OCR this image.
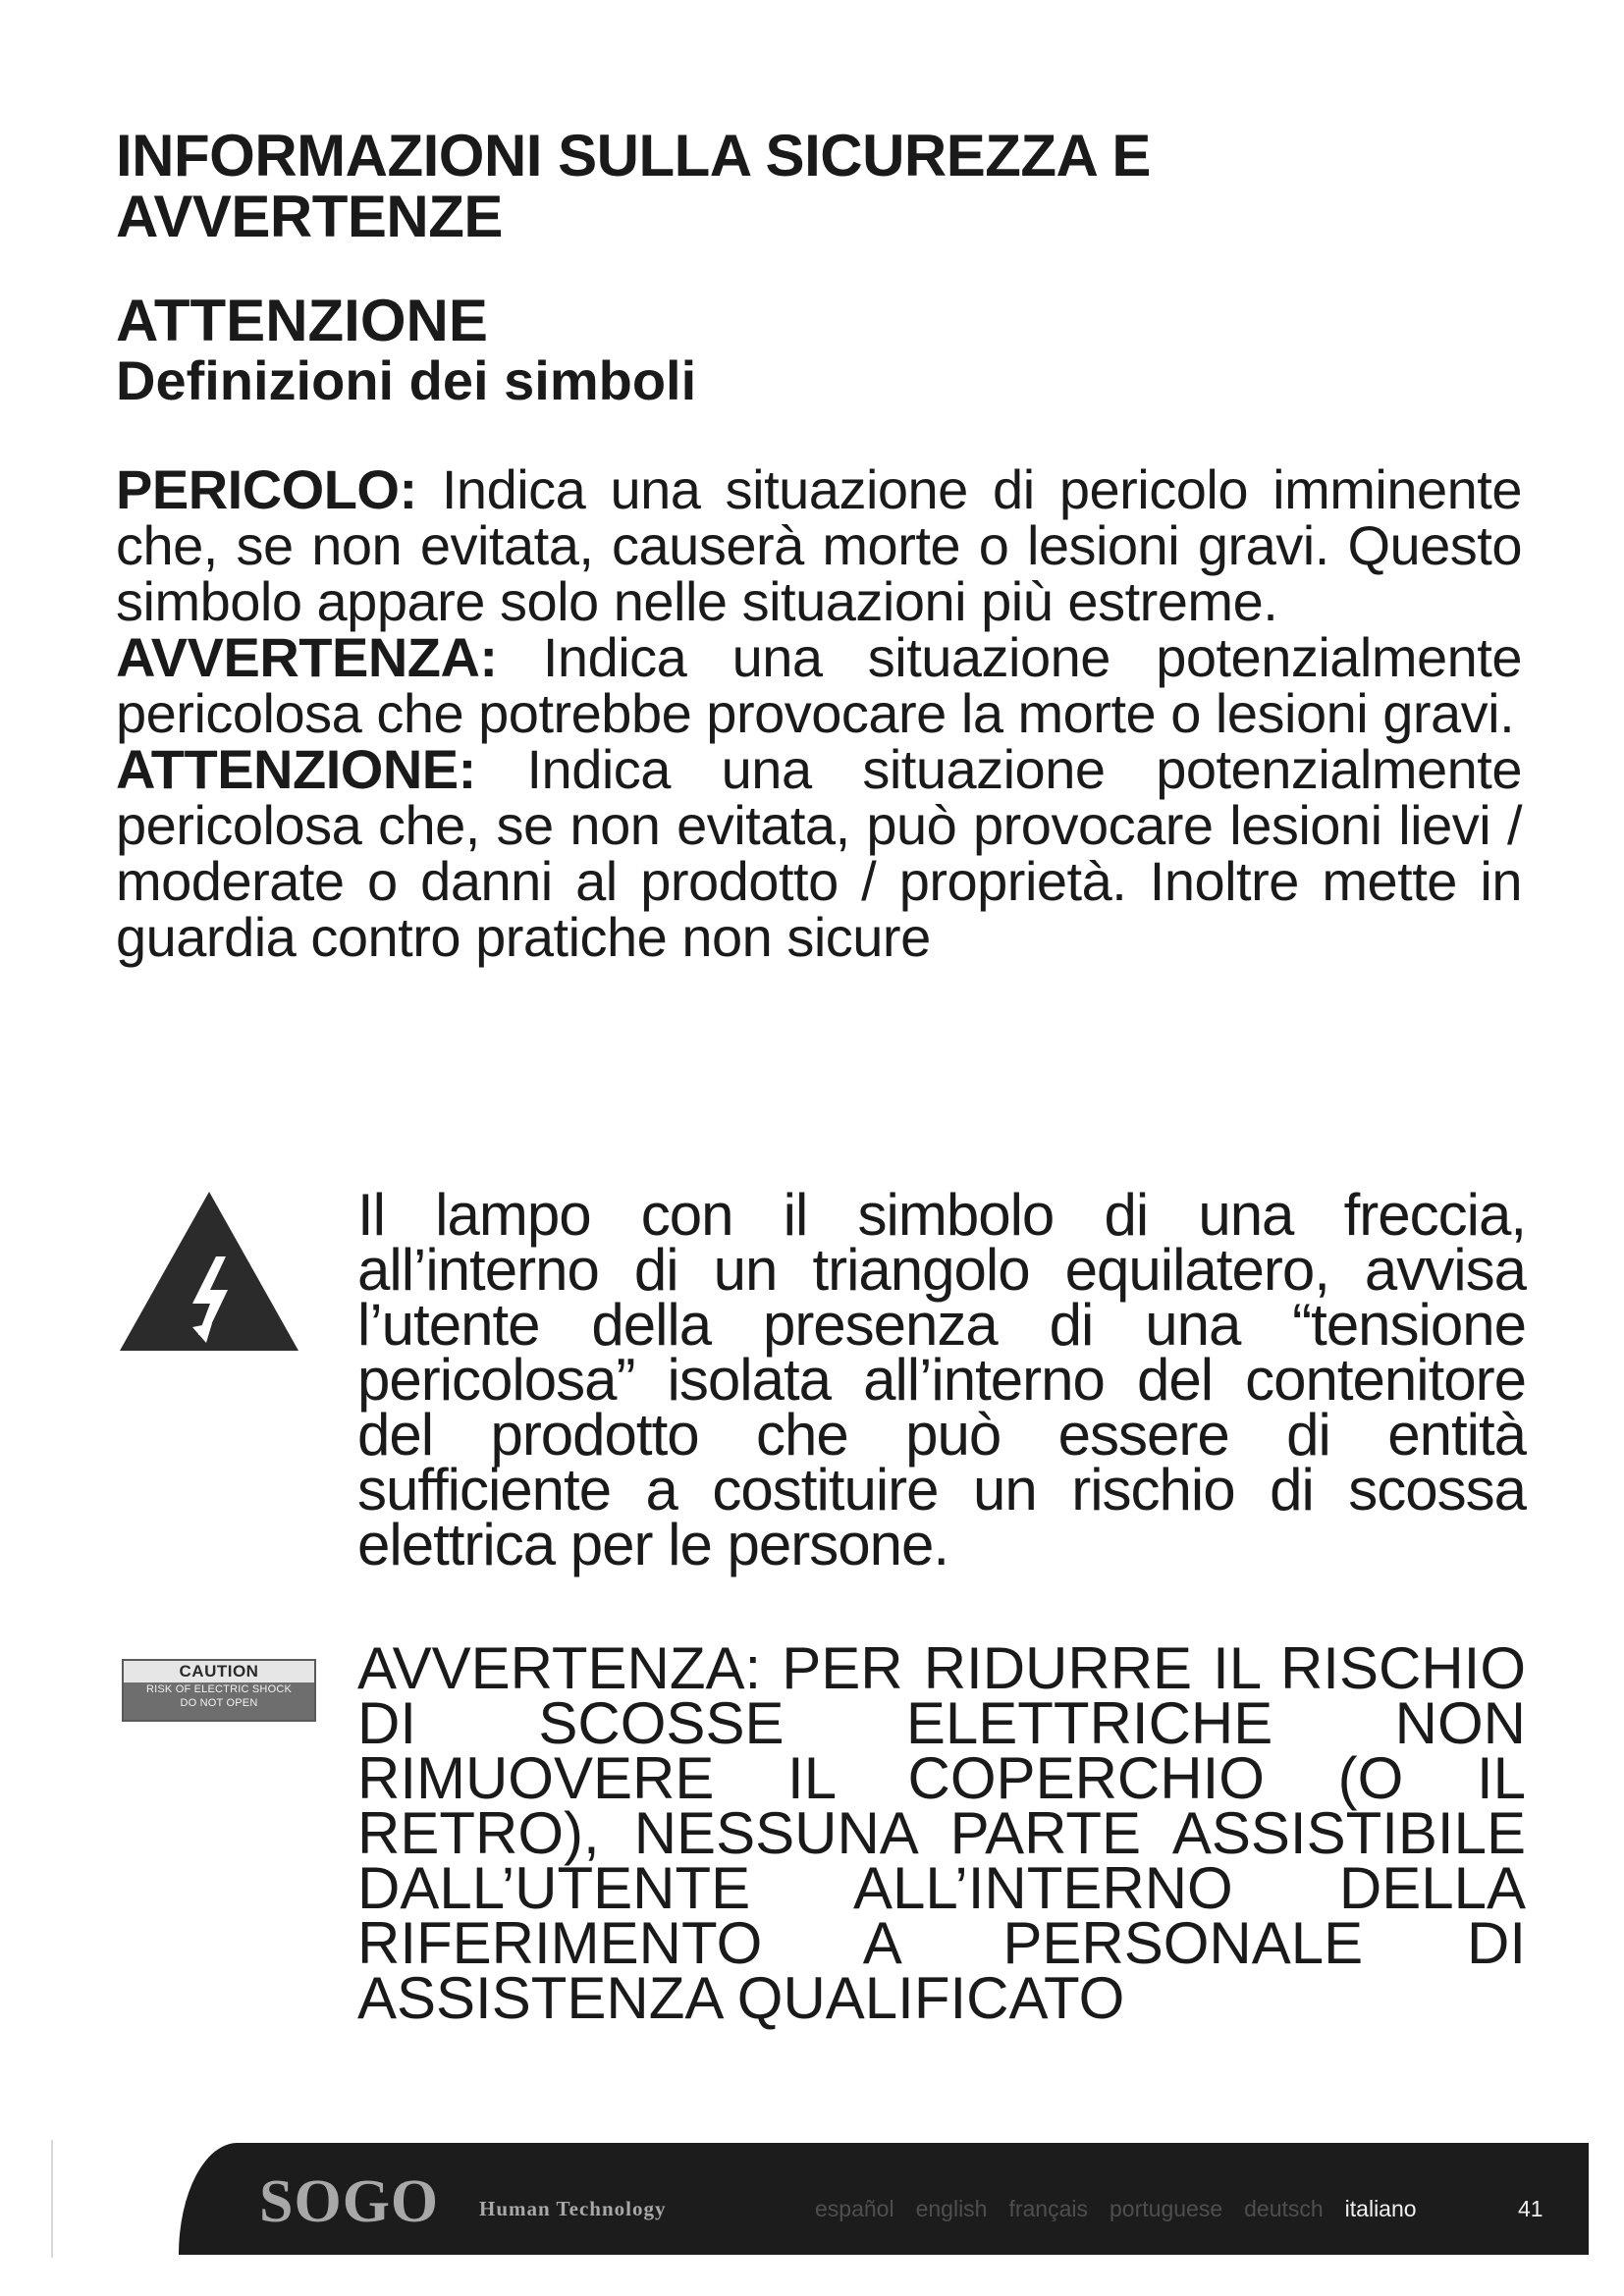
INFORMAZIONI SULLA SICUREZZA E AVVERTENZE
ATTENZIONE
Definizioni dei simboli

PERICOLO: Indica una situazione di pericolo imminente che, se non evitata, causerà morte o lesioni gravi. Questo simbolo appare solo nelle situazioni più estreme.

AVVERTENZA: Indica una situazione potenzialmente pericolosa che potrebbe provocare la morte o lesioni gravi.

ATTENZIONE: Indica una situazione potenzialmente pericolosa che, se non evitata, può provocare lesioni lievi / moderate o danni al prodotto / proprietà. Inoltre mette in guardia contro pratiche non sicure

Il lampo con il simbolo di una freccia, all’interno di un triangolo equilatero, avvisa l’utente della presenza di una “tensione pericolosa” isolata all’interno del contenitore del prodotto che può essere di entità sufficiente a costituire un rischio di scossa elettrica per le persone.
CAUTION
RISK OF ELECTRIC SHOCK
DO NOT OPEN
AVVERTENZA: PER RIDURRE IL RISCHIO DI SCOSSE ELETTRICHE NON RIMUOVERE IL COPERCHIO (O IL RETRO), NESSUNA PARTE ASSISTIBILE DALL’UTENTE ALL’INTERNO DELLA RIFERIMENTO A PERSONALE DI ASSISTENZA QUALIFICATO
SOGO Human Technology	español english français portuguese deutsch italiano	41
